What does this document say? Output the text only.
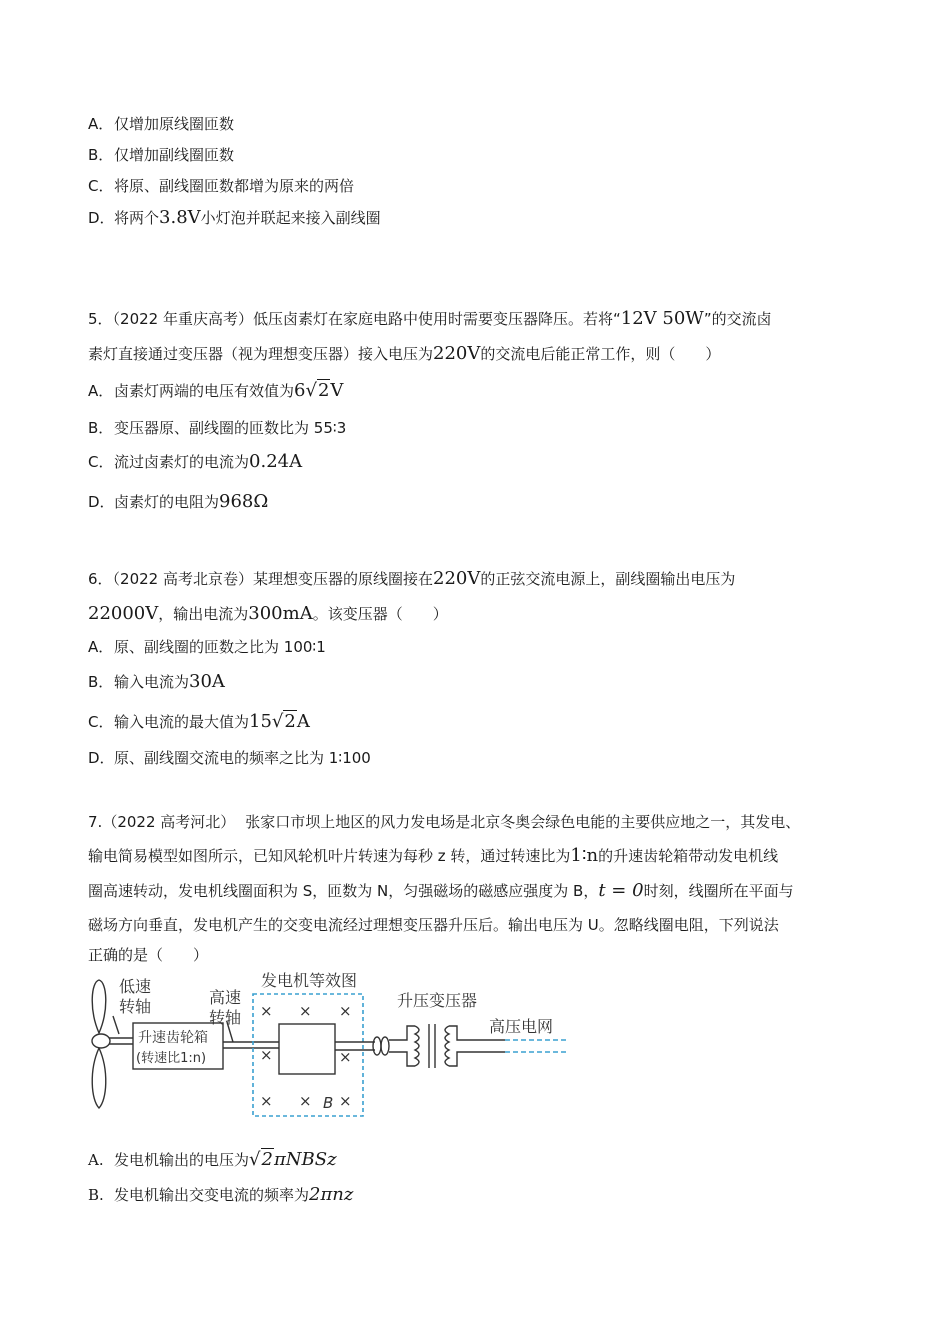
A．仅增加原线圈匝数
B．仅增加副线圈匝数
C．将原、副线圈匝数都增为原来的两倍
D．将两个3.8V小灯泡并联起来接入副线圈
5．（2022 年重庆高考）低压卤素灯在家庭电路中使用时需要变压器降压。若将“12V 50W”的交流卤
素灯直接通过变压器（视为理想变压器）接入电压为220V的交流电后能正常工作，则（　　）
A．卤素灯两端的电压有效值为6√2V
B．变压器原、副线圈的匝数比为 55∶3
C．流过卤素灯的电流为0.24A
D．卤素灯的电阻为968Ω
6．（2022 高考北京卷）某理想变压器的原线圈接在220V的正弦交流电源上，副线圈输出电压为
22000V，输出电流为300mA。该变压器（　　）
A．原、副线圈的匝数之比为 100∶1
B．输入电流为30A
C．输入电流的最大值为15√2A
D．原、副线圈交流电的频率之比为 1∶100
7.（2022 高考河北） 张家口市坝上地区的风力发电场是北京冬奥会绿色电能的主要供应地之一，其发电、
输电简易模型如图所示，已知风轮机叶片转速为每秒 z 转，通过转速比为1∶n的升速齿轮箱带动发电机线
圈高速转动，发电机线圈面积为 S，匝数为 N，匀强磁场的磁感应强度为 B，t = 0时刻，线圈所在平面与
磁场方向垂直，发电机产生的交变电流经过理想变压器升压后。输出电压为 U。忽略线圈电阻，下列说法
正确的是（　　）
低速
转轴
升速齿轮箱
(转速比1:n)
高速
转轴
发电机等效图
× × ×
×	×
× × ×
B
升压变压器
高压电网
A. 发电机输出的电压为√2πNBSz
B. 发电机输出交变电流的频率为2πnz
